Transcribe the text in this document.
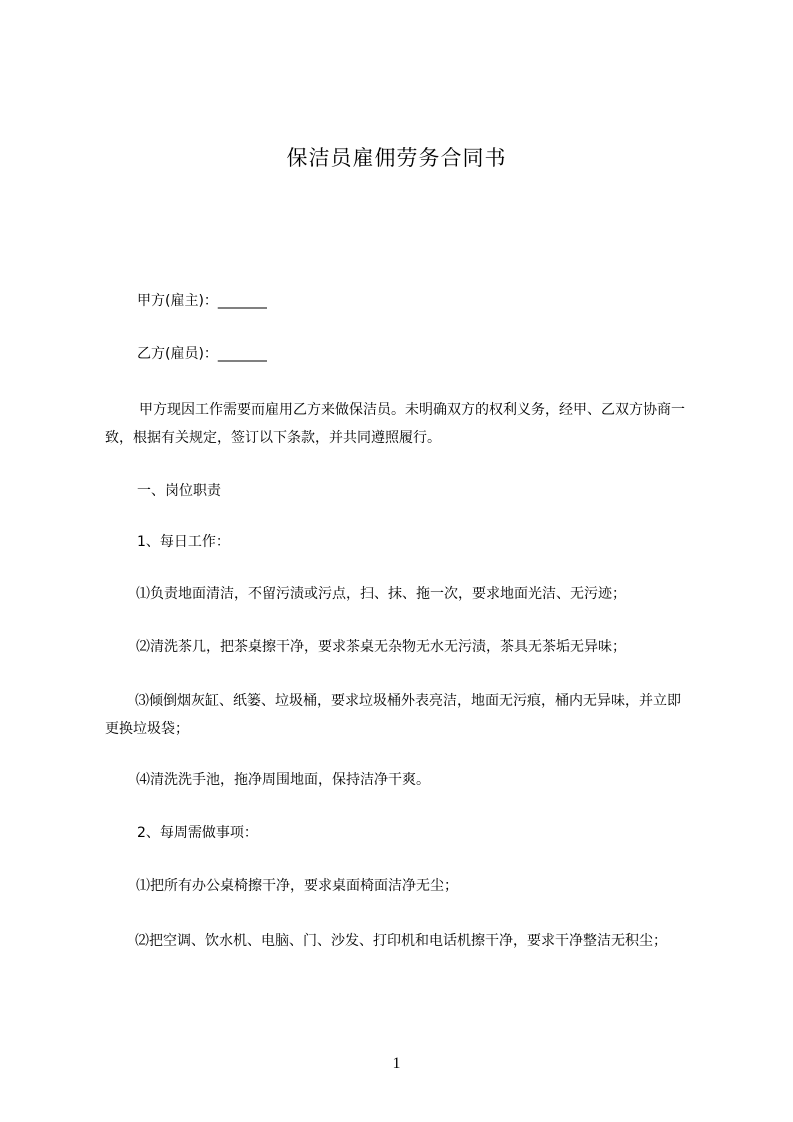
保洁员雇佣劳务合同书
甲方(雇主)：_______
乙方(雇员)：_______
甲方现因工作需要而雇用乙方来做保洁员。未明确双方的权利义务，经甲、乙双方协商一致，根据有关规定，签订以下条款，并共同遵照履行。
一、岗位职责
1、每日工作：
⑴负责地面清洁，不留污渍或污点，扫、抹、拖一次，要求地面光洁、无污迹；
⑵清洗茶几，把茶桌擦干净，要求茶桌无杂物无水无污渍，茶具无茶垢无异味；
⑶倾倒烟灰缸、纸篓、垃圾桶，要求垃圾桶外表亮洁，地面无污痕，桶内无异味，并立即更换垃圾袋；
⑷清洗洗手池，拖净周围地面，保持洁净干爽。
2、每周需做事项：
⑴把所有办公桌椅擦干净，要求桌面椅面洁净无尘；
⑵把空调、饮水机、电脑、门、沙发、打印机和电话机擦干净，要求干净整洁无积尘；
1
